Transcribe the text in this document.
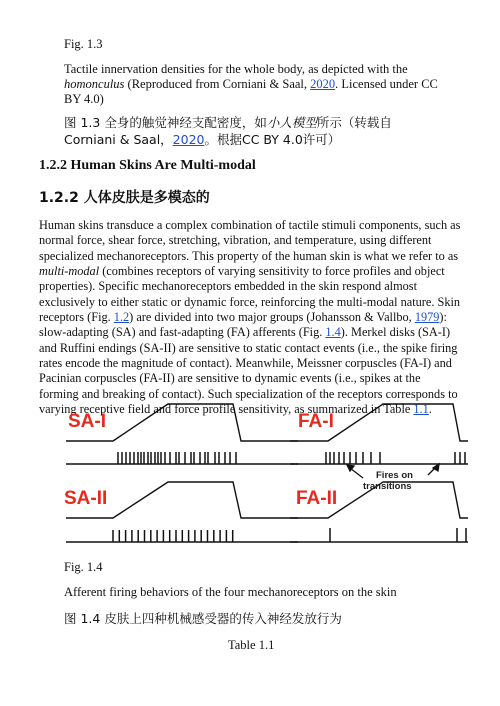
Fig. 1.3
Tactile innervation densities for the whole body, as depicted with the homonculus (Reproduced from Corniani & Saal, 2020. Licensed under CC BY 4.0)
图 1.3 全身的触觉神经支配密度，如小人模型所示（转载自Corniani & Saal，2020。根据CC BY 4.0许可）
1.2.2 Human Skins Are Multi-modal
1.2.2 人体皮肤是多模态的
Human skins transduce a complex combination of tactile stimuli components, such as normal force, shear force, stretching, vibration, and temperature, using different specialized mechanoreceptors. This property of the human skin is what we refer to as multi-modal (combines receptors of varying sensitivity to force profiles and object properties). Specific mechanoreceptors embedded in the skin respond almost exclusively to either static or dynamic force, reinforcing the multi-modal nature. Skin receptors (Fig. 1.2) are divided into two major groups (Johansson & Vallbo, 1979): slow-adapting (SA) and fast-adapting (FA) afferents (Fig. 1.4). Merkel disks (SA-I) and Ruffini endings (SA-II) are sensitive to static contact events (i.e., the spike firing rates encode the magnitude of contact). Meanwhile, Meissner corpuscles (FA-I) and Pacinian corpuscles (FA-II) are sensitive to dynamic events (i.e., spikes at the forming and breaking of contact). Such specialization of the receptors corresponds to varying receptive field and force profile sensitivity, as summarized in Table 1.1.
SA-I	FA-I
SA-II	FA-II
Fires on
transitions
Fig. 1.4
Afferent firing behaviors of the four mechanoreceptors on the skin
图 1.4 皮肤上四种机械感受器的传入神经发放行为
Table 1.1
